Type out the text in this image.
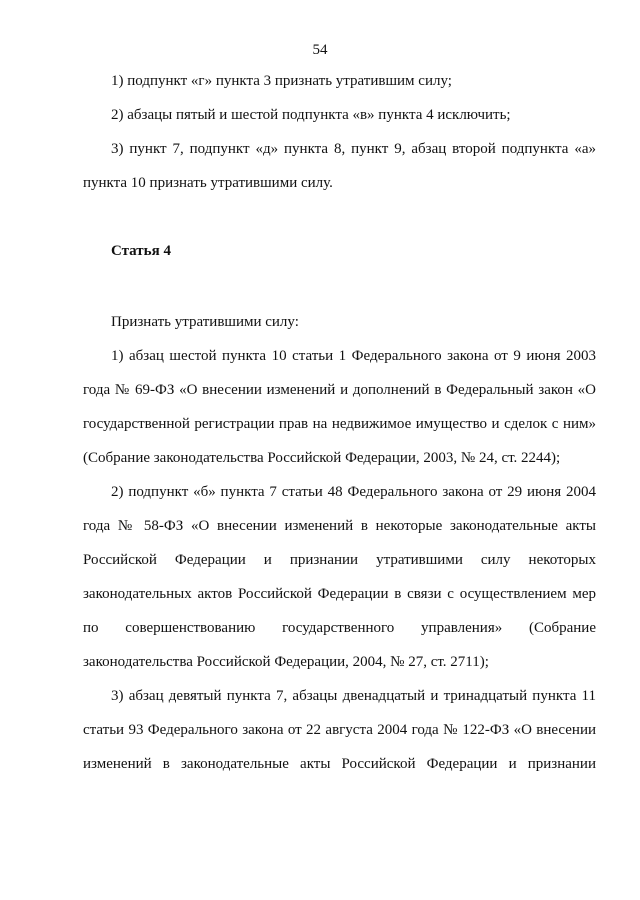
54

1) подпункт «г» пункта 3 признать утратившим силу;

2) абзацы пятый и шестой подпункта «в» пункта 4 исключить;

3) пункт 7, подпункт «д» пункта 8, пункт 9, абзац второй подпункта «а» пункта 10 признать утратившими силу.

Статья 4

Признать утратившими силу:

1) абзац шестой пункта 10 статьи 1 Федерального закона от 9 июня 2003 года № 69-ФЗ «О внесении изменений и дополнений в Федеральный закон «О государственной регистрации прав на недвижимое имущество и сделок с ним» (Собрание законодательства Российской Федерации, 2003, № 24, ст. 2244);

2) подпункт «б» пункта 7 статьи 48 Федерального закона от 29 июня 2004 года № 58-ФЗ «О внесении изменений в некоторые законодательные акты Российской Федерации и признании утратившими силу некоторых законодательных актов Российской Федерации в связи с осуществлением мер по совершенствованию государственного управления» (Собрание законодательства Российской Федерации, 2004, № 27, ст. 2711);

3) абзац девятый пункта 7, абзацы двенадцатый и тринадцатый пункта 11 статьи 93 Федерального закона от 22 августа 2004 года № 122-ФЗ «О внесении изменений в законодательные акты Российской Федерации и признании
